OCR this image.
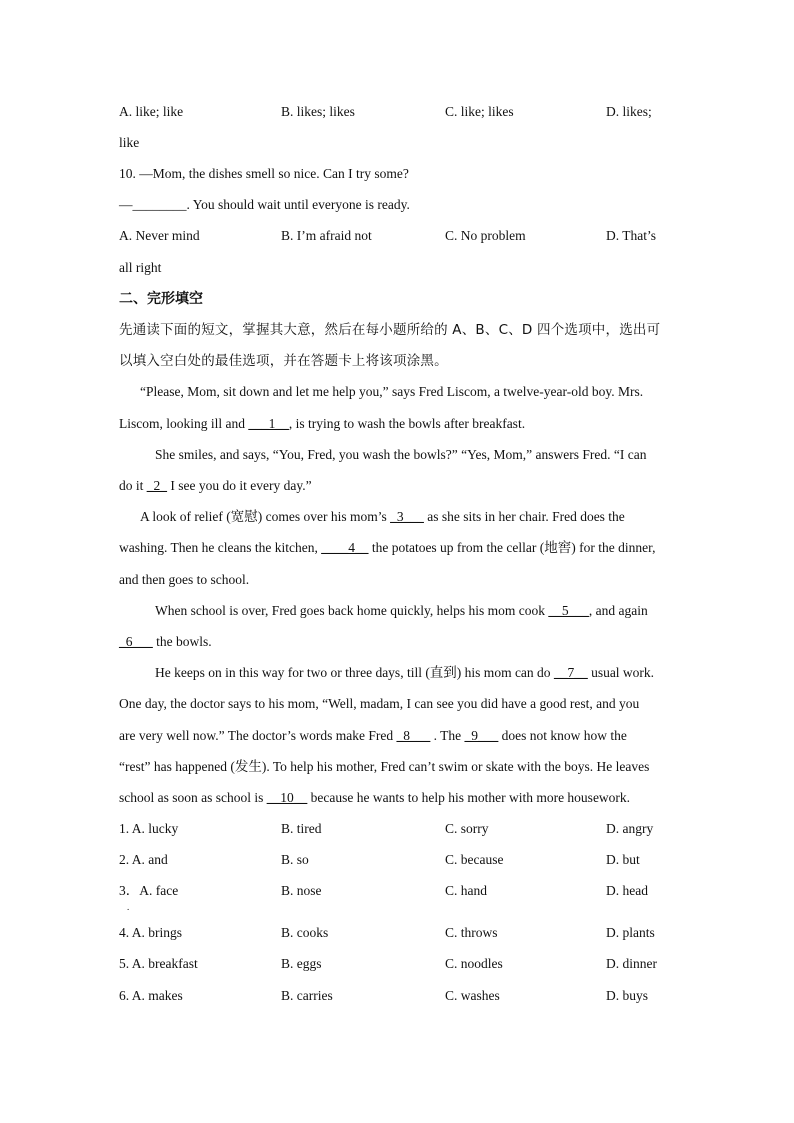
A. like; like	B. likes; likes	C. like; likes	D. likes;
like
10. —Mom, the dishes smell so nice. Can I try some?
—________. You should wait until everyone is ready.
A. Never mind	B. I’m afraid not	C. No problem	D. That’s
all right
二、完形填空
先通读下面的短文，掌握其大意，然后在每小题所给的 A、B、C、D 四个选项中，选出可
以填入空白处的最佳选项，并在答题卡上将该项涂黑。
“Please, Mom, sit down and let me help you,” says Fred Liscom, a twelve-year-old boy. Mrs.
Liscom, looking ill and ___1__, is trying to wash the bowls after breakfast.
She smiles, and says, “You, Fred, you wash the bowls?” “Yes, Mom,” answers Fred. “I can
do it _2_ I see you do it every day.”
A look of relief (宽慰) comes over his mom’s _3___ as she sits in her chair. Fred does the
washing. Then he cleans the kitchen, ____4__ the potatoes up from the cellar (地窖) for the dinner,
and then goes to school.
When school is over, Fred goes back home quickly, helps his mom cook __5___, and again
_6___ the bowls.
He keeps on in this way for two or three days, till (直到) his mom can do __7__ usual work.
One day, the doctor says to his mom, “Well, madam, I can see you did have a good rest, and you
are very well now.” The doctor’s words make Fred _8___ . The _9___ does not know how the
“rest” has happened (发生). To help his mother, Fred can’t swim or skate with the boys. He leaves
school as soon as school is __10__ because he wants to help his mother with more housework.
1. A. lucky	B. tired	C. sorry	D. angry
2. A. and	B. so	C. because	D. but
3．A. face	B. nose	C. hand	D. head
4. A. brings	B. cooks	C. throws	D. plants
5. A. breakfast	B. eggs	C. noodles	D. dinner
6. A. makes	B. carries	C. washes	D. buys
.
